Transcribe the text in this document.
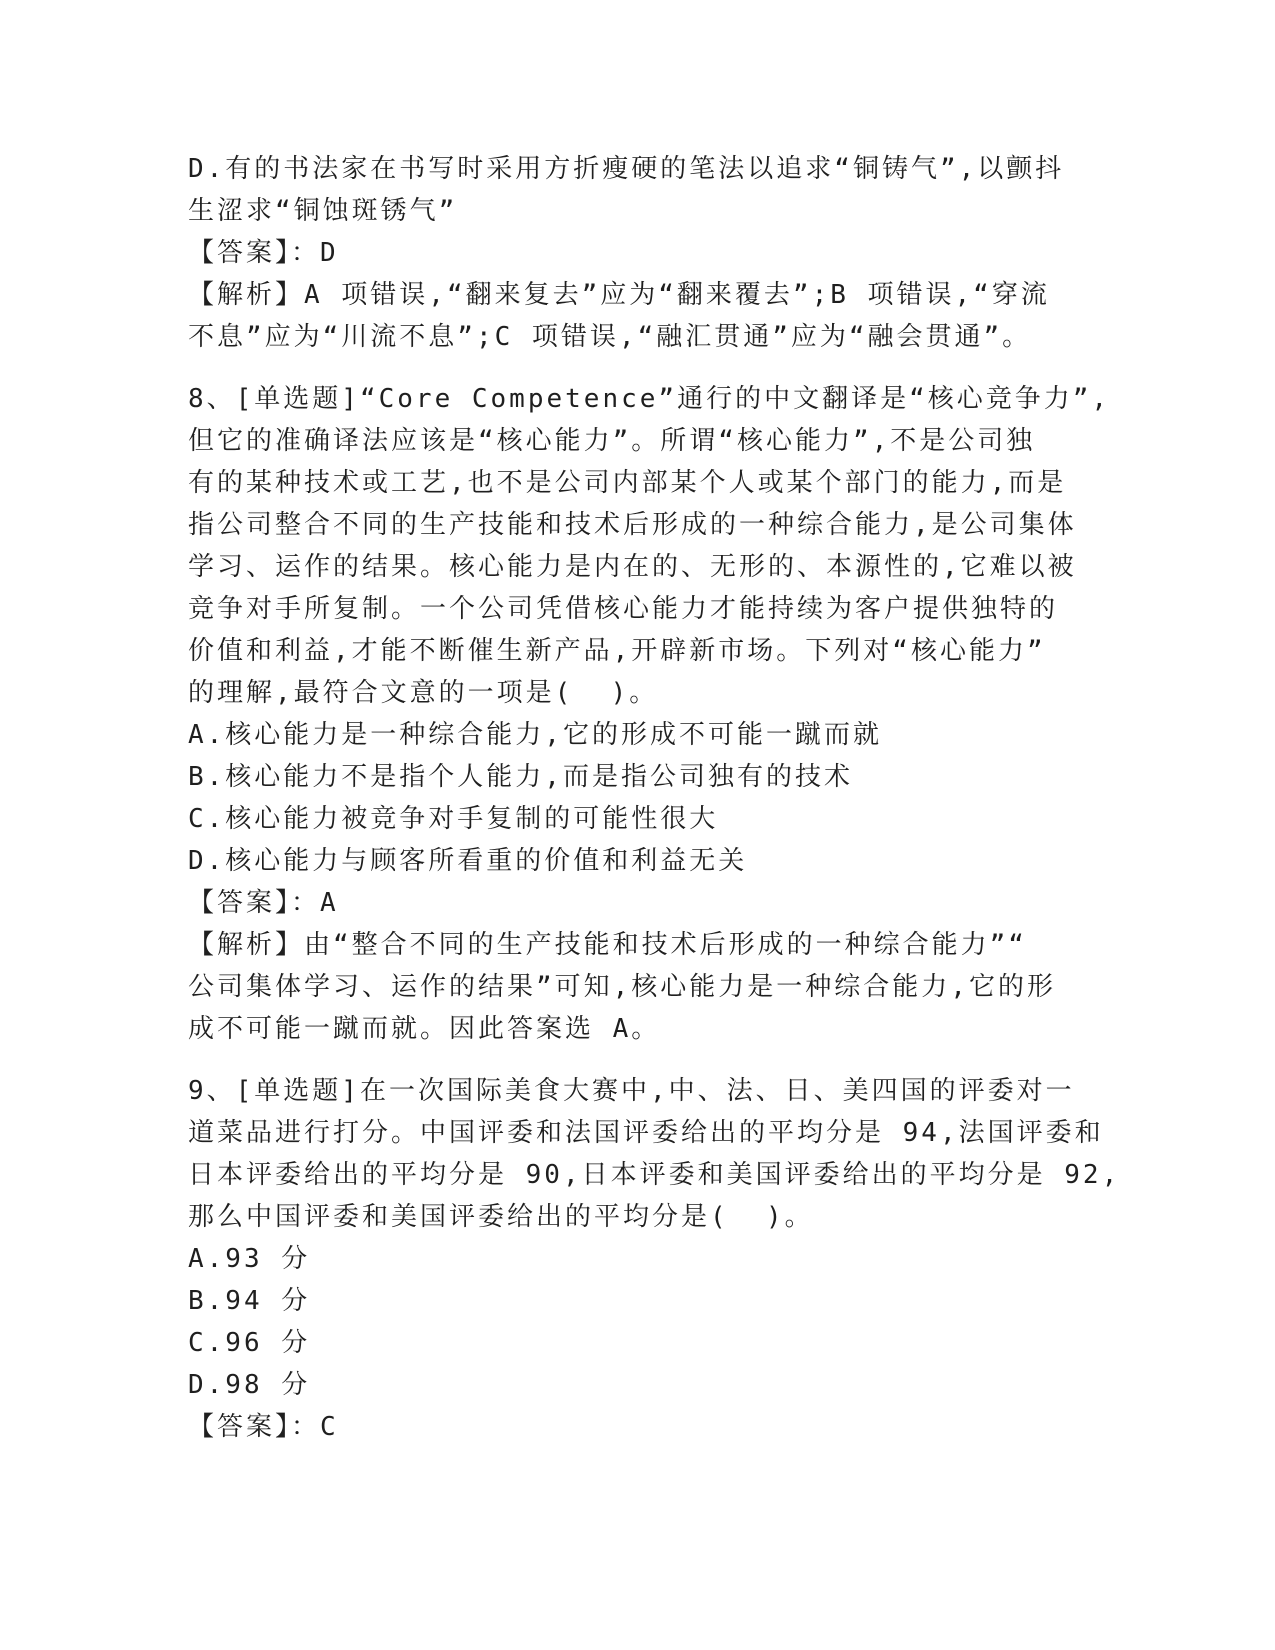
D.有的书法家在书写时采用方折瘦硬的笔法以追求“铜铸气”,以颤抖
生涩求“铜蚀斑锈气”
【答案】：D
【解析】A 项错误,“翻来复去”应为“翻来覆去”;B 项错误,“穿流
不息”应为“川流不息”;C 项错误,“融汇贯通”应为“融会贯通”。
8、[单选题]“Core Competence”通行的中文翻译是“核心竞争力”,
但它的准确译法应该是“核心能力”。所谓“核心能力”,不是公司独
有的某种技术或工艺,也不是公司内部某个人或某个部门的能力,而是
指公司整合不同的生产技能和技术后形成的一种综合能力,是公司集体
学习、运作的结果。核心能力是内在的、无形的、本源性的,它难以被
竞争对手所复制。一个公司凭借核心能力才能持续为客户提供独特的
价值和利益,才能不断催生新产品,开辟新市场。下列对“核心能力”
的理解,最符合文意的一项是(  )。
A.核心能力是一种综合能力,它的形成不可能一蹴而就
B.核心能力不是指个人能力,而是指公司独有的技术
C.核心能力被竞争对手复制的可能性很大
D.核心能力与顾客所看重的价值和利益无关
【答案】：A
【解析】由“整合不同的生产技能和技术后形成的一种综合能力”“
公司集体学习、运作的结果”可知,核心能力是一种综合能力,它的形
成不可能一蹴而就。因此答案选 A。
9、[单选题]在一次国际美食大赛中,中、法、日、美四国的评委对一
道菜品进行打分。中国评委和法国评委给出的平均分是 94,法国评委和
日本评委给出的平均分是 90,日本评委和美国评委给出的平均分是 92,
那么中国评委和美国评委给出的平均分是(  )。
A.93 分
B.94 分
C.96 分
D.98 分
【答案】：C
